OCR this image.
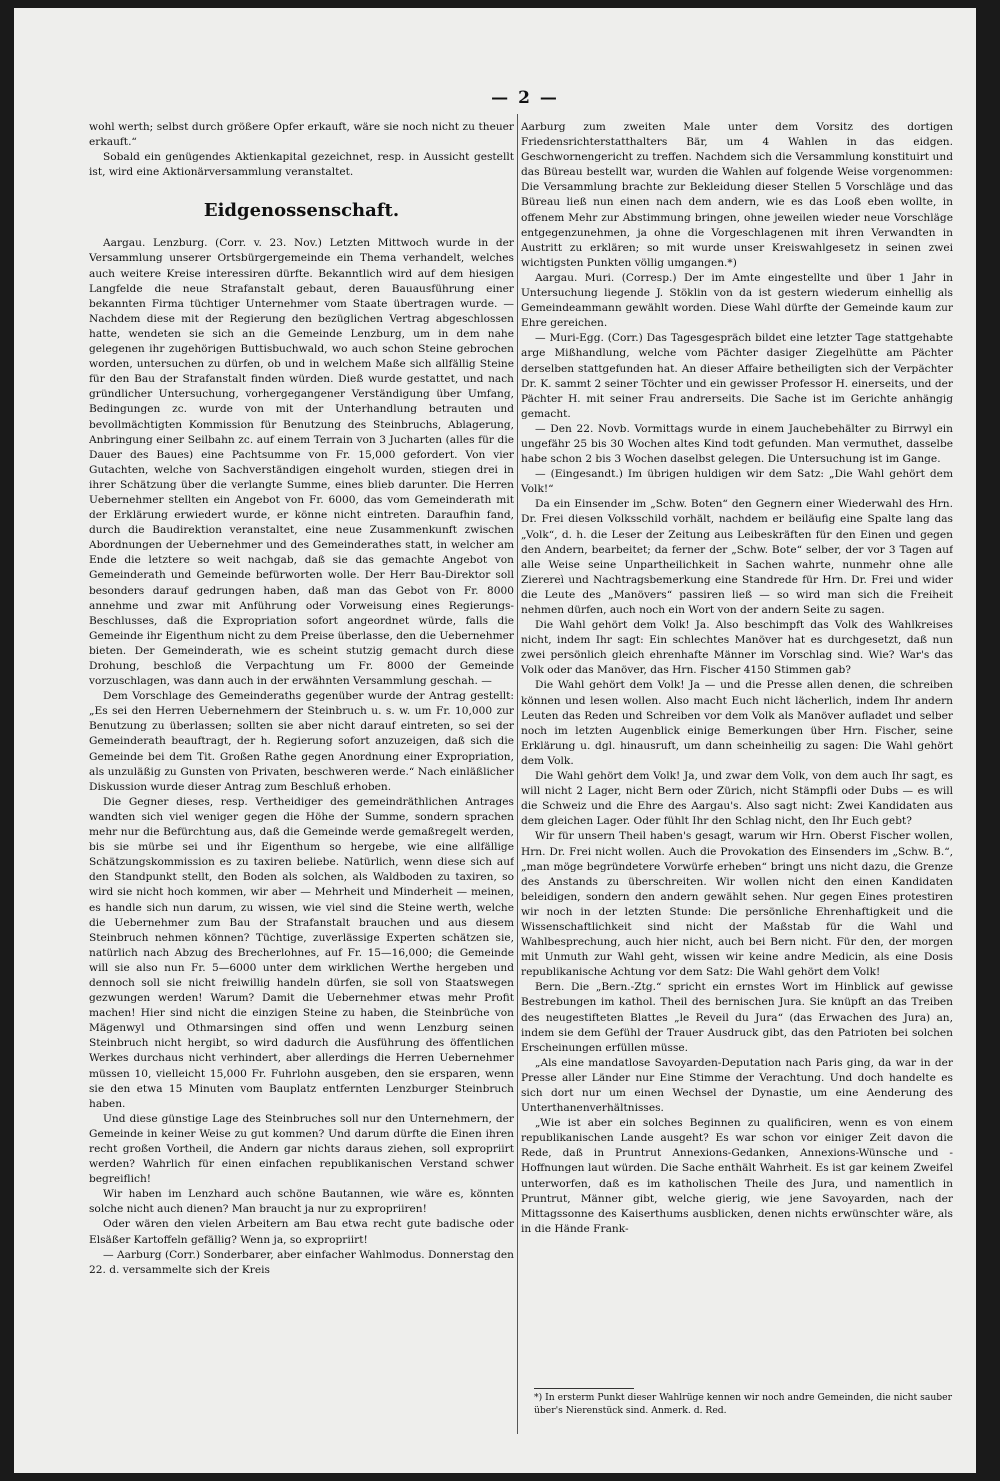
— 2 —

wohl werth; selbst durch größere Opfer erkauft, wäre sie noch nicht zu theuer erkauft.“

Sobald ein genügendes Aktienkapital gezeichnet, resp. in Aussicht gestellt ist, wird eine Aktionärversammlung veranstaltet.

Eidgenossenschaft.

Aargau. Lenzburg. (Corr. v. 23. Nov.) Letzten Mittwoch wurde in der Versammlung unserer Ortsbürgergemeinde ein Thema verhandelt, welches auch weitere Kreise interessiren dürfte. Bekanntlich wird auf dem hiesigen Langfelde die neue Strafanstalt gebaut, deren Bauausführung einer bekannten Firma tüchtiger Unternehmer vom Staate übertragen wurde. — Nachdem diese mit der Regierung den bezüglichen Vertrag abgeschlossen hatte, wendeten sie sich an die Gemeinde Lenzburg, um in dem nahe gelegenen ihr zugehörigen Buttisbuchwald, wo auch schon Steine gebrochen worden, untersuchen zu dürfen, ob und in welchem Maße sich allfällig Steine für den Bau der Strafanstalt finden würden. Dieß wurde gestattet, und nach gründlicher Untersuchung, vorhergegangener Verständigung über Umfang, Bedingungen zc. wurde von mit der Unterhandlung betrauten und bevollmächtigten Kommission für Benutzung des Steinbruchs, Ablagerung, Anbringung einer Seilbahn zc. auf einem Terrain von 3 Jucharten (alles für die Dauer des Baues) eine Pachtsumme von Fr. 15,000 gefordert. Von vier Gutachten, welche von Sachverständigen eingeholt wurden, stiegen drei in ihrer Schätzung über die verlangte Summe, eines blieb darunter. Die Herren Uebernehmer stellten ein Angebot von Fr. 6000, das vom Gemeinderath mit der Erklärung erwiedert wurde, er könne nicht eintreten. Daraufhin fand, durch die Baudirektion veranstaltet, eine neue Zusammenkunft zwischen Abordnungen der Uebernehmer und des Gemeinderathes statt, in welcher am Ende die letztere so weit nachgab, daß sie das gemachte Angebot von Gemeinderath und Gemeinde befürworten wolle. Der Herr Bau-Direktor soll besonders darauf gedrungen haben, daß man das Gebot von Fr. 8000 annehme und zwar mit Anführung oder Vorweisung eines Regierungs-Beschlusses, daß die Expropriation sofort angeordnet würde, falls die Gemeinde ihr Eigenthum nicht zu dem Preise überlasse, den die Uebernehmer bieten. Der Gemeinderath, wie es scheint stutzig gemacht durch diese Drohung, beschloß die Verpachtung um Fr. 8000 der Gemeinde vorzuschlagen, was dann auch in der erwähnten Versammlung geschah. —

Dem Vorschlage des Gemeinderaths gegenüber wurde der Antrag gestellt: „Es sei den Herren Uebernehmern der Steinbruch u. s. w. um Fr. 10,000 zur Benutzung zu überlassen; sollten sie aber nicht darauf eintreten, so sei der Gemeinderath beauftragt, der h. Regierung sofort anzuzeigen, daß sich die Gemeinde bei dem Tit. Großen Rathe gegen Anordnung einer Expropriation, als unzuläßig zu Gunsten von Privaten, beschweren werde.“ Nach einläßlicher Diskussion wurde dieser Antrag zum Beschluß erhoben.

Die Gegner dieses, resp. Vertheidiger des gemeindräthlichen Antrages wandten sich viel weniger gegen die Höhe der Summe, sondern sprachen mehr nur die Befürchtung aus, daß die Gemeinde werde gemaßregelt werden, bis sie mürbe sei und ihr Eigenthum so hergebe, wie eine allfällige Schätzungskommission es zu taxiren beliebe. Natürlich, wenn diese sich auf den Standpunkt stellt, den Boden als solchen, als Waldboden zu taxiren, so wird sie nicht hoch kommen, wir aber — Mehrheit und Minderheit — meinen, es handle sich nun darum, zu wissen, wie viel sind die Steine werth, welche die Uebernehmer zum Bau der Strafanstalt brauchen und aus diesem Steinbruch nehmen können? Tüchtige, zuverlässige Experten schätzen sie, natürlich nach Abzug des Brecherlohnes, auf Fr. 15—16,000; die Gemeinde will sie also nun Fr. 5—6000 unter dem wirklichen Werthe hergeben und dennoch soll sie nicht freiwillig handeln dürfen, sie soll von Staatswegen gezwungen werden! Warum? Damit die Uebernehmer etwas mehr Profit machen! Hier sind nicht die einzigen Steine zu haben, die Steinbrüche von Mägenwyl und Othmarsingen sind offen und wenn Lenzburg seinen Steinbruch nicht hergibt, so wird dadurch die Ausführung des öffentlichen Werkes durchaus nicht verhindert, aber allerdings die Herren Uebernehmer müssen 10, vielleicht 15,000 Fr. Fuhrlohn ausgeben, den sie ersparen, wenn sie den etwa 15 Minuten vom Bauplatz entfernten Lenzburger Steinbruch haben.

Und diese günstige Lage des Steinbruches soll nur den Unternehmern, der Gemeinde in keiner Weise zu gut kommen? Und darum dürfte die Einen ihren recht großen Vortheil, die Andern gar nichts daraus ziehen, soll expropriirt werden? Wahrlich für einen einfachen republikanischen Verstand schwer begreiflich!

Wir haben im Lenzhard auch schöne Bautannen, wie wäre es, könnten solche nicht auch dienen? Man braucht ja nur zu expropriiren!

Oder wären den vielen Arbeitern am Bau etwa recht gute badische oder Elsäßer Kartoffeln gefällig? Wenn ja, so expropriirt!

— Aarburg (Corr.) Sonderbarer, aber einfacher Wahlmodus. Donnerstag den 22. d. versammelte sich der Kreis

Aarburg zum zweiten Male unter dem Vorsitz des dortigen Friedensrichterstatthalters Bär, um 4 Wahlen in das eidgen. Geschwornengericht zu treffen. Nachdem sich die Versammlung konstituirt und das Büreau bestellt war, wurden die Wahlen auf folgende Weise vorgenommen: Die Versammlung brachte zur Bekleidung dieser Stellen 5 Vorschläge und das Büreau ließ nun einen nach dem andern, wie es das Looß eben wollte, in offenem Mehr zur Abstimmung bringen, ohne jeweilen wieder neue Vorschläge entgegenzunehmen, ja ohne die Vorgeschlagenen mit ihren Verwandten in Austritt zu erklären; so mit wurde unser Kreiswahlgesetz in seinen zwei wichtigsten Punkten völlig umgangen.*)

Aargau. Muri. (Corresp.) Der im Amte eingestellte und über 1 Jahr in Untersuchung liegende J. Stöklin von da ist gestern wiederum einhellig als Gemeindeammann gewählt worden. Diese Wahl dürfte der Gemeinde kaum zur Ehre gereichen.

— Muri-Egg. (Corr.) Das Tagesgespräch bildet eine letzter Tage stattgehabte arge Mißhandlung, welche vom Pächter dasiger Ziegelhütte am Pächter derselben stattgefunden hat. An dieser Affaire betheiligten sich der Verpächter Dr. K. sammt 2 seiner Töchter und ein gewisser Professor H. einerseits, und der Pächter H. mit seiner Frau andrerseits. Die Sache ist im Gerichte anhängig gemacht.

— Den 22. Novb. Vormittags wurde in einem Jauchebehälter zu Birrwyl ein ungefähr 25 bis 30 Wochen altes Kind todt gefunden. Man vermuthet, dasselbe habe schon 2 bis 3 Wochen daselbst gelegen. Die Untersuchung ist im Gange.

— (Eingesandt.) Im übrigen huldigen wir dem Satz: „Die Wahl gehört dem Volk!“

Da ein Einsender im „Schw. Boten“ den Gegnern einer Wiederwahl des Hrn. Dr. Frei diesen Volksschild vorhält, nachdem er beiläufig eine Spalte lang das „Volk“, d. h. die Leser der Zeitung aus Leibeskräften für den Einen und gegen den Andern, bearbeitet; da ferner der „Schw. Bote“ selber, der vor 3 Tagen auf alle Weise seine Unpartheilichkeit in Sachen wahrte, nunmehr ohne alle Zierereì und Nachtragsbemerkung eine Standrede für Hrn. Dr. Frei und wider die Leute des „Manövers“ passiren ließ — so wird man sich die Freiheit nehmen dürfen, auch noch ein Wort von der andern Seite zu sagen.

Die Wahl gehört dem Volk! Ja. Also beschimpft das Volk des Wahlkreises nicht, indem Ihr sagt: Ein schlechtes Manöver hat es durchgesetzt, daß nun zwei persönlich gleich ehrenhafte Männer im Vorschlag sind. Wie? War's das Volk oder das Manöver, das Hrn. Fischer 4150 Stimmen gab?

Die Wahl gehört dem Volk! Ja — und die Presse allen denen, die schreiben können und lesen wollen. Also macht Euch nicht lächerlich, indem Ihr andern Leuten das Reden und Schreiben vor dem Volk als Manöver aufladet und selber noch im letzten Augenblick einige Bemerkungen über Hrn. Fischer, seine Erklärung u. dgl. hinausruft, um dann scheinheilig zu sagen: Die Wahl gehört dem Volk.

Die Wahl gehört dem Volk! Ja, und zwar dem Volk, von dem auch Ihr sagt, es will nicht 2 Lager, nicht Bern oder Zürich, nicht Stämpfli oder Dubs — es will die Schweiz und die Ehre des Aargau's. Also sagt nicht: Zwei Kandidaten aus dem gleichen Lager. Oder fühlt Ihr den Schlag nicht, den Ihr Euch gebt?

Wir für unsern Theil haben's gesagt, warum wir Hrn. Oberst Fischer wollen, Hrn. Dr. Frei nicht wollen. Auch die Provokation des Einsenders im „Schw. B.“, „man möge begründetere Vorwürfe erheben“ bringt uns nicht dazu, die Grenze des Anstands zu überschreiten. Wir wollen nicht den einen Kandidaten beleidigen, sondern den andern gewählt sehen. Nur gegen Eines protestiren wir noch in der letzten Stunde: Die persönliche Ehrenhaftigkeit und die Wissenschaftlichkeit sind nicht der Maßstab für die Wahl und Wahlbesprechung, auch hier nicht, auch bei Bern nicht. Für den, der morgen mit Unmuth zur Wahl geht, wissen wir keine andre Medicin, als eine Dosis republikanische Achtung vor dem Satz: Die Wahl gehört dem Volk!

Bern. Die „Bern.-Ztg.“ spricht ein ernstes Wort im Hinblick auf gewisse Bestrebungen im kathol. Theil des bernischen Jura. Sie knüpft an das Treiben des neugestifteten Blattes „le Reveil du Jura“ (das Erwachen des Jura) an, indem sie dem Gefühl der Trauer Ausdruck gibt, das den Patrioten bei solchen Erscheinungen erfüllen müsse.

„Als eine mandatlose Savoyarden-Deputation nach Paris ging, da war in der Presse aller Länder nur Eine Stimme der Verachtung. Und doch handelte es sich dort nur um einen Wechsel der Dynastie, um eine Aenderung des Unterthanenverhältnisses.

„Wie ist aber ein solches Beginnen zu qualificiren, wenn es von einem republikanischen Lande ausgeht? Es war schon vor einiger Zeit davon die Rede, daß in Pruntrut Annexions-Gedanken, Annexions-Wünsche und -Hoffnungen laut würden. Die Sache enthält Wahrheit. Es ist gar keinem Zweifel unterworfen, daß es im katholischen Theile des Jura, und namentlich in Pruntrut, Männer gibt, welche gierig, wie jene Savoyarden, nach der Mittagssonne des Kaiserthums ausblicken, denen nichts erwünschter wäre, als in die Hände Frank-

*) In ersterm Punkt dieser Wahlrüge kennen wir noch andre Gemeinden, die nicht sauber über's Nierenstück sind. Anmerk. d. Red.
